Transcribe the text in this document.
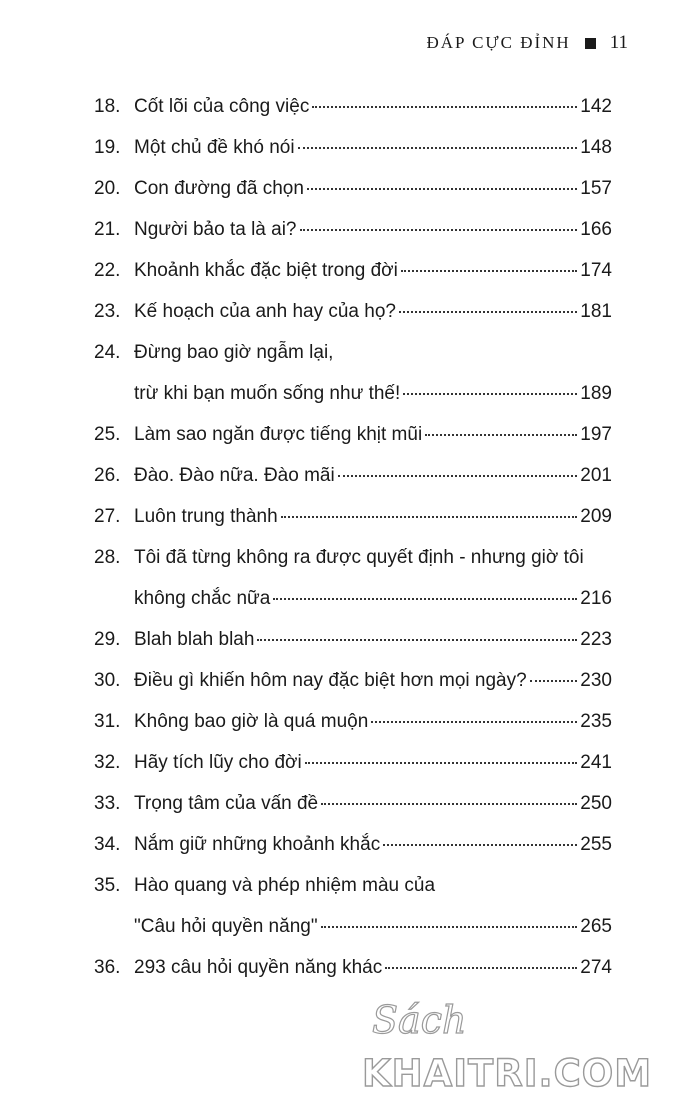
ĐÁP CỰC ĐỈNH 11
18. Cốt lõi của công việc	142
19. Một chủ đề khó nói	148
20. Con đường đã chọn	157
21. Người bảo ta là ai?	166
22. Khoảnh khắc đặc biệt trong đời	174
23. Kế hoạch của anh hay của họ?	181
24. Đừng bao giờ ngẫm lại,
trừ khi bạn muốn sống như thế!	189
25. Làm sao ngăn được tiếng khịt mũi	197
26. Đào. Đào nữa. Đào mãi	201
27. Luôn trung thành	209
28. Tôi đã từng không ra được quyết định - nhưng giờ tôi
không chắc nữa	216
29. Blah blah blah	223
30. Điều gì khiến hôm nay đặc biệt hơn mọi ngày?	230
31. Không bao giờ là quá muộn	235
32. Hãy tích lũy cho đời	241
33. Trọng tâm của vấn đề	250
34. Nắm giữ những khoảnh khắc	255
35. Hào quang và phép nhiệm màu của
"Câu hỏi quyền năng"	265
36. 293 câu hỏi quyền năng khác	274
Sách
KHAITRI.COM
